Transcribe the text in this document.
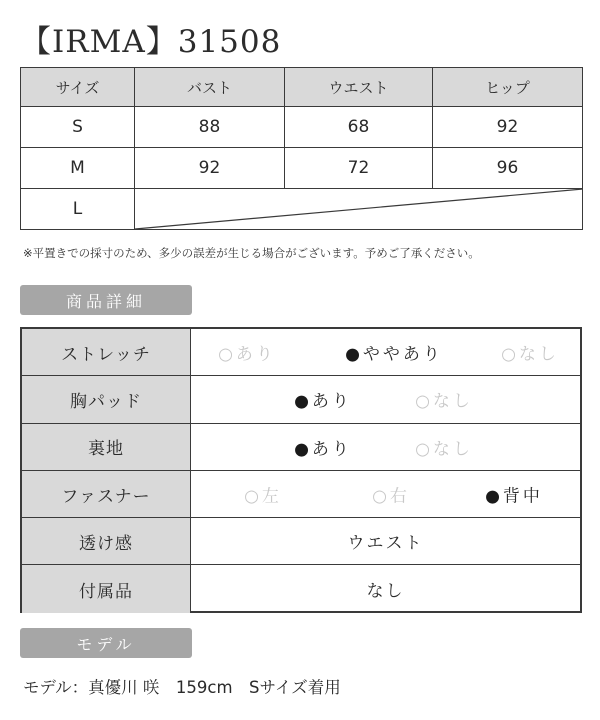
【IRMA】31508
サイズ	バスト	ウエスト	ヒップ
S	88	68	92
M	92	72	96
L	
※平置きでの採寸のため、多少の誤差が生じる場合がございます。予めご了承ください。
商品詳細
ストレッチ	○あり	●ややあり	○なし
胸パッド	●あり	○なし
裏地	●あり	○なし
ファスナー	○左	○右	●背中
透け感	ウエスト
付属品	なし
モデル
モデル：真優川 咲　159cm　Sサイズ着用
